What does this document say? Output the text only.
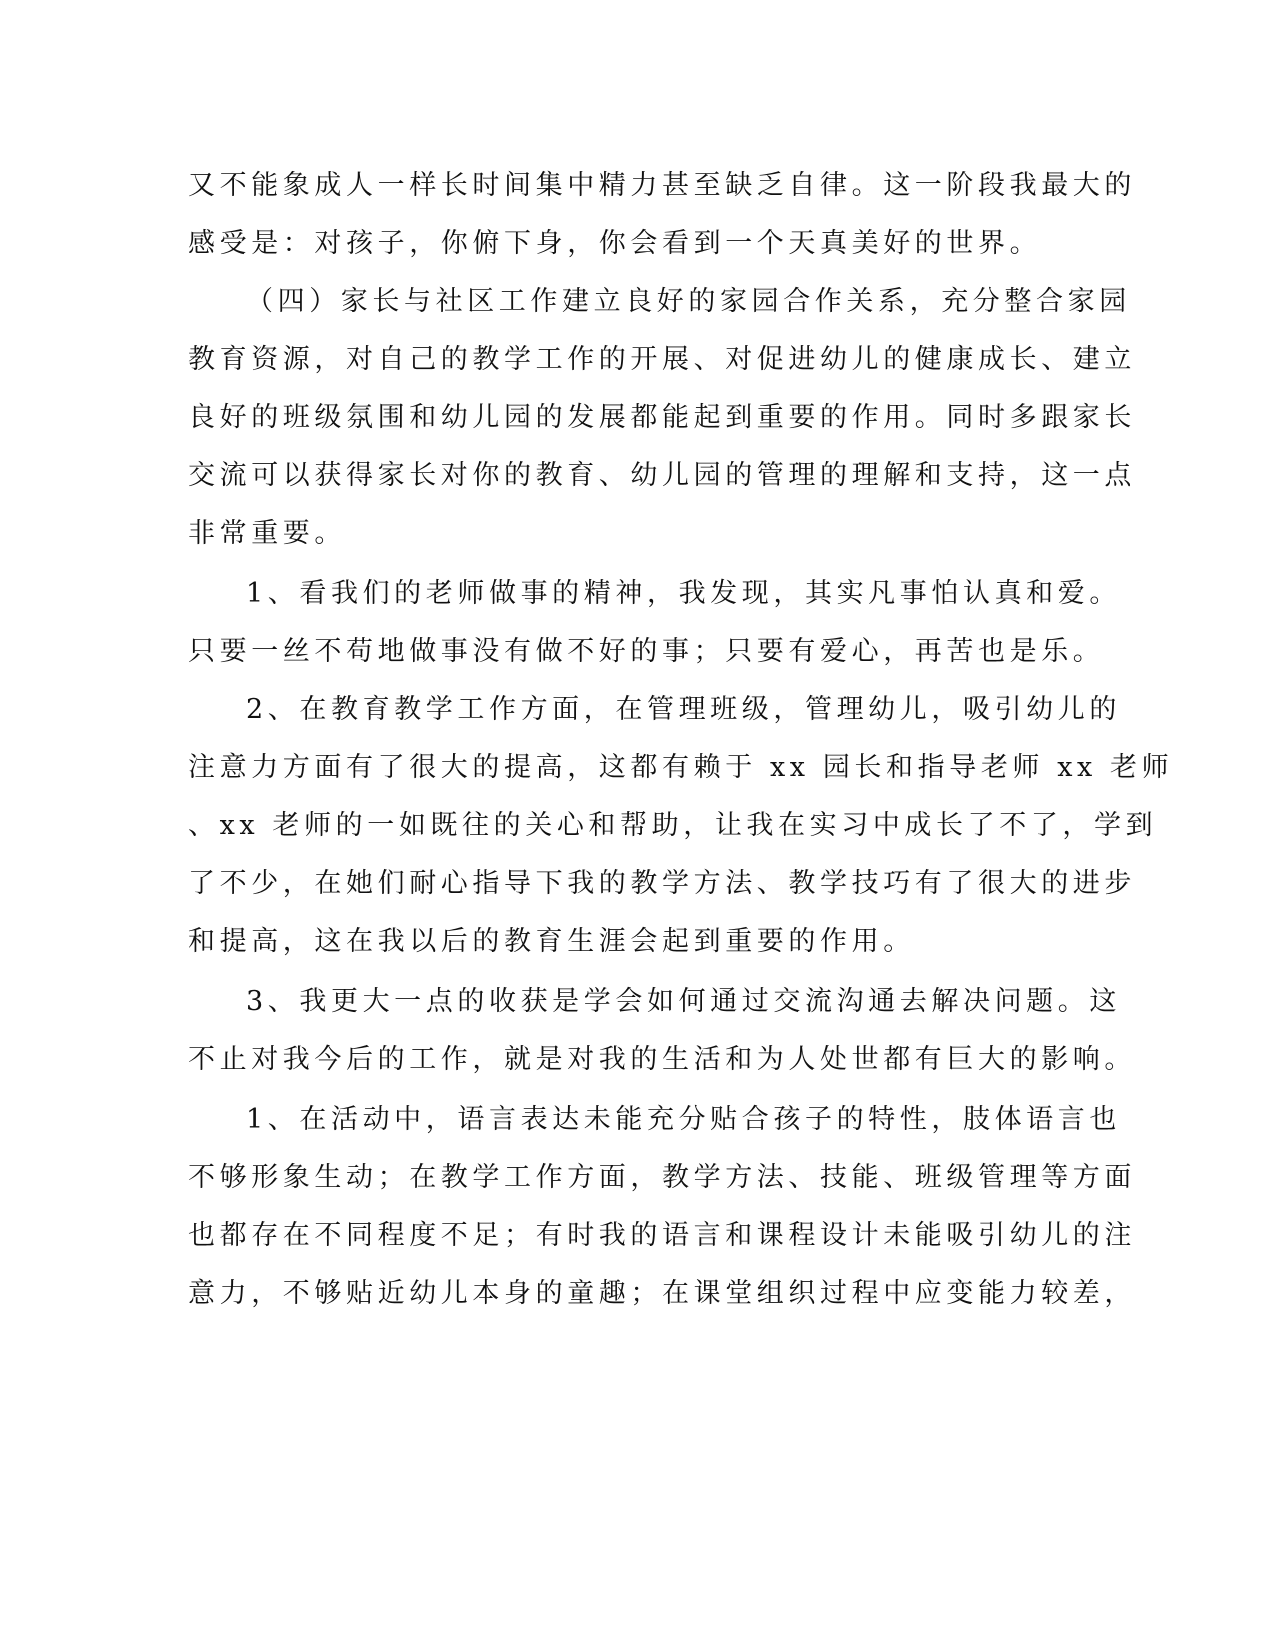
又不能象成人一样长时间集中精力甚至缺乏自律。这一阶段我最大的
感受是：对孩子，你俯下身，你会看到一个天真美好的世界。
（四）家长与社区工作建立良好的家园合作关系，充分整合家园
教育资源，对自己的教学工作的开展、对促进幼儿的健康成长、建立
良好的班级氛围和幼儿园的发展都能起到重要的作用。同时多跟家长
交流可以获得家长对你的教育、幼儿园的管理的理解和支持，这一点
非常重要。
1、看我们的老师做事的精神，我发现，其实凡事怕认真和爱。
只要一丝不苟地做事没有做不好的事；只要有爱心，再苦也是乐。
2、在教育教学工作方面，在管理班级，管理幼儿，吸引幼儿的
注意力方面有了很大的提高，这都有赖于 xx 园长和指导老师 xx 老师
、xx 老师的一如既往的关心和帮助，让我在实习中成长了不了，学到
了不少，在她们耐心指导下我的教学方法、教学技巧有了很大的进步
和提高，这在我以后的教育生涯会起到重要的作用。
3、我更大一点的收获是学会如何通过交流沟通去解决问题。这
不止对我今后的工作，就是对我的生活和为人处世都有巨大的影响。
1、在活动中，语言表达未能充分贴合孩子的特性，肢体语言也
不够形象生动；在教学工作方面，教学方法、技能、班级管理等方面
也都存在不同程度不足；有时我的语言和课程设计未能吸引幼儿的注
意力，不够贴近幼儿本身的童趣；在课堂组织过程中应变能力较差，
